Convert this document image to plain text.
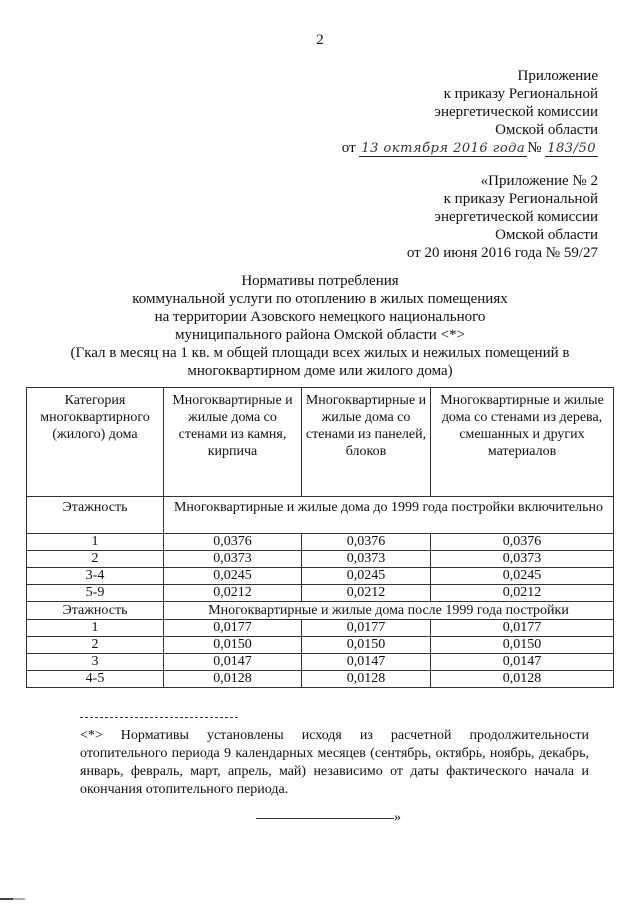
2
Приложение
к приказу Региональной
энергетической комиссии
Омской области
от 13 октября 2016 года № 183/50
«Приложение № 2
к приказу Региональной
энергетической комиссии
Омской области
от 20 июня 2016 года № 59/27
Нормативы потребления
коммунальной услуги по отоплению в жилых помещениях
на территории Азовского немецкого национального
муниципального района Омской области <*>
(Гкал в месяц на 1 кв. м общей площади всех жилых и нежилых помещений в
многоквартирном доме или жилого дома)
Категория многоквартирного (жилого) дома	Многоквартирные и жилые дома со стенами из камня, кирпича	Многоквартирные и жилые дома со стенами из панелей, блоков	Многоквартирные и жилые дома со стенами из дерева, смешанных и других материалов
Этажность	Многоквартирные и жилые дома до 1999 года постройки включительно		
1	0,0376	0,0376	0,0376
2	0,0373	0,0373	0,0373
3-4	0,0245	0,0245	0,0245
5-9	0,0212	0,0212	0,0212
Этажность	Многоквартирные и жилые дома после 1999 года постройки		
1	0,0177	0,0177	0,0177
2	0,0150	0,0150	0,0150
3	0,0147	0,0147	0,0147
4-5	0,0128	0,0128	0,0128
<*> Нормативы установлены исходя из расчетной продолжительности отопительного периода 9 календарных месяцев (сентябрь, октябрь, ноябрь, декабрь, январь, февраль, март, апрель, май) независимо от даты фактического начала и окончания отопительного периода.
»
